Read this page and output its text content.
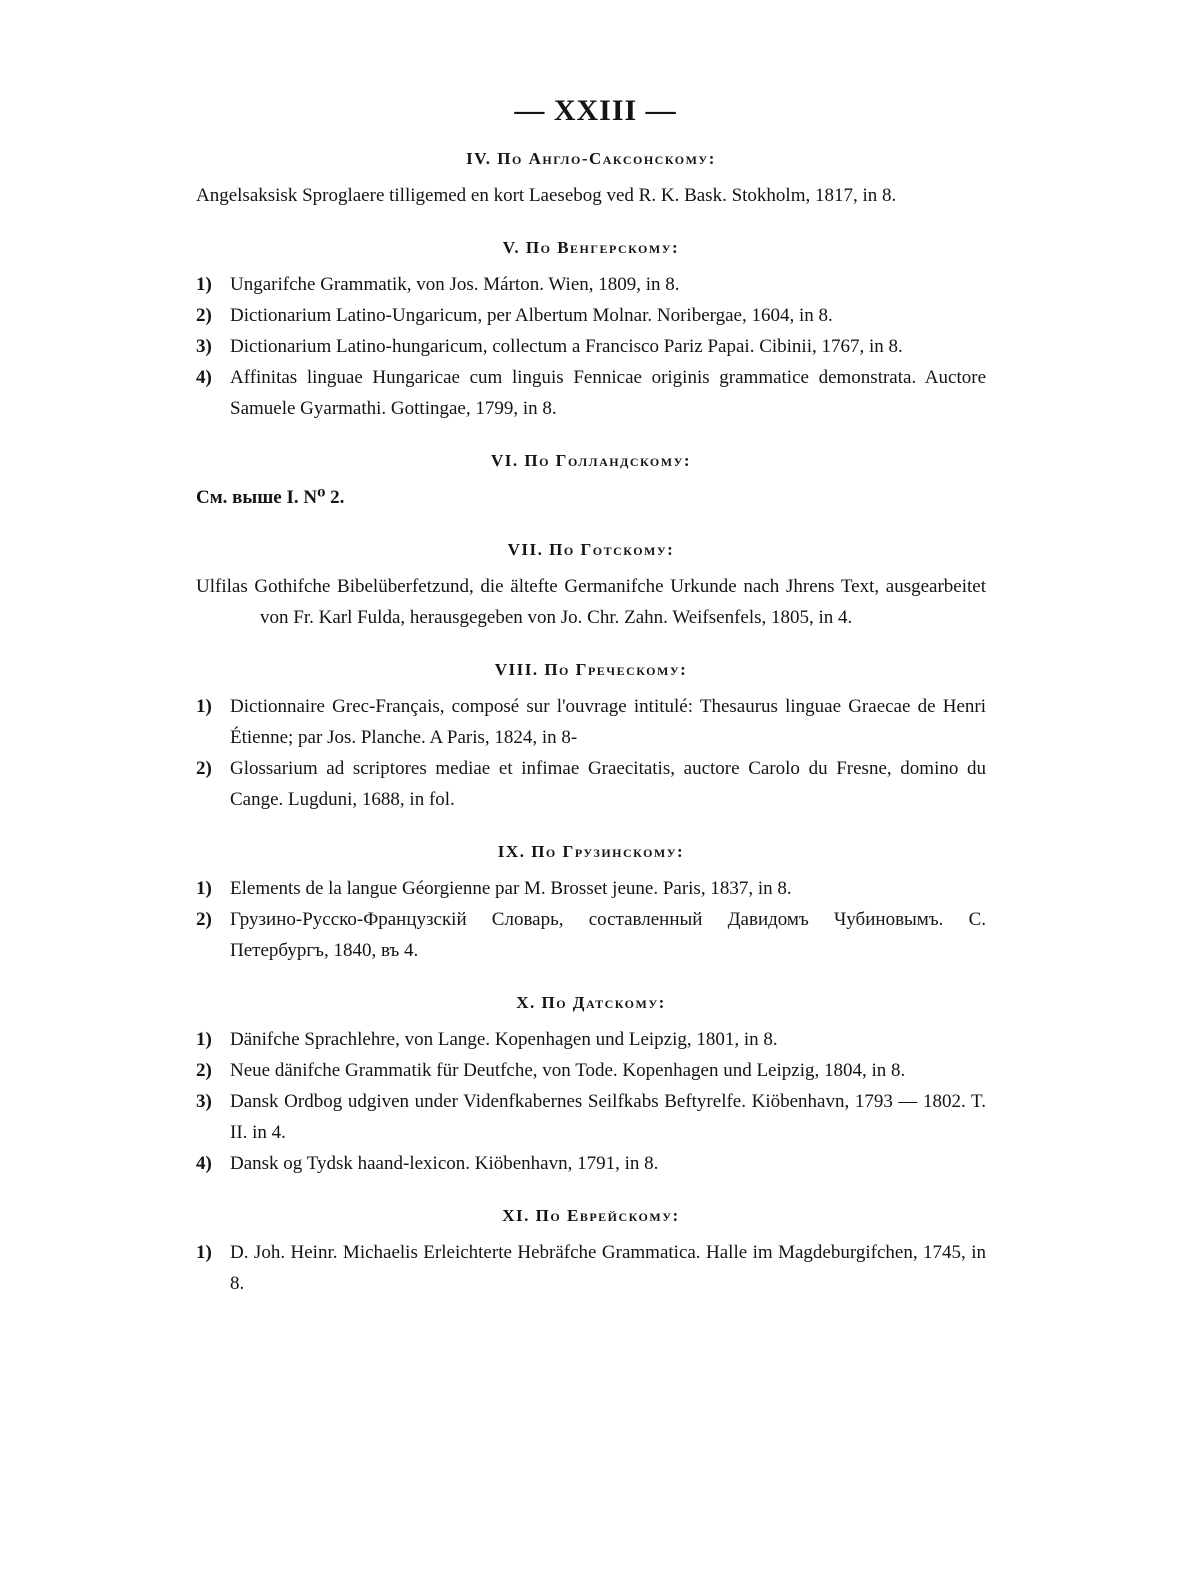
— XXIII —
IV. По Англо-Саксонскому:
Angelsaksisk Sproglaere tilligemed en kort Laesebog ved R. K. Bask. Stokholm, 1817, in 8.
V. По Венгерскому:
1) Ungarifche Grammatik, von Jos. Márton. Wien, 1809, in 8.
2) Dictionarium Latino-Ungaricum, per Albertum Molnar. Noribergae, 1604, in 8.
3) Dictionarium Latino-hungaricum, collectum a Francisco Pariz Papai. Cibinii, 1767, in 8.
4) Affinitas linguae Hungaricae cum linguis Fennicae originis grammatice demonstrata. Auctore Samuele Gyarmathi. Gottingae, 1799, in 8.
VI. По Голландскому:
См. выше I. N⁰ 2.
VII. По Готскому:
Ulfilas Gothifche Bibelüberfetzund, die ältefte Germanifche Urkunde nach Jhrens Text, ausgearbeitet von Fr. Karl Fulda, herausgegeben von Jo. Chr. Zahn. Weifsenfels, 1805, in 4.
VIII. По Греческому:
1) Dictionnaire Grec-Français, composé sur l'ouvrage intitulé: Thesaurus linguae Graecae de Henri Étienne; par Jos. Planche. A Paris, 1824, in 8-
2) Glossarium ad scriptores mediae et infimae Graecitatis, auctore Carolo du Fresne, domino du Cange. Lugduni, 1688, in fol.
IX. По Грузинскому:
1) Elements de la langue Géorgienne par M. Brosset jeune. Paris, 1837, in 8.
2) Грузино-Русско-Французскій Словарь, составленный Давидомъ Чубиновымъ. С. Петербургъ, 1840, въ 4.
X. По Датскому:
1) Dänifche Sprachlehre, von Lange. Kopenhagen und Leipzig, 1801, in 8.
2) Neue dänifche Grammatik für Deutfche, von Tode. Kopenhagen und Leipzig, 1804, in 8.
3) Dansk Ordbog udgiven under Videnfkabernes Seilfkabs Beftyrelfe. Kiöbenhavn, 1793 — 1802. T. II. in 4.
4) Dansk og Tydsk haand-lexicon. Kiöbenhavn, 1791, in 8.
XI. По Еврейскому:
1) D. Joh. Heinr. Michaelis Erleichterte Hebräfche Grammatica. Halle im Magdeburgifchen, 1745, in 8.
